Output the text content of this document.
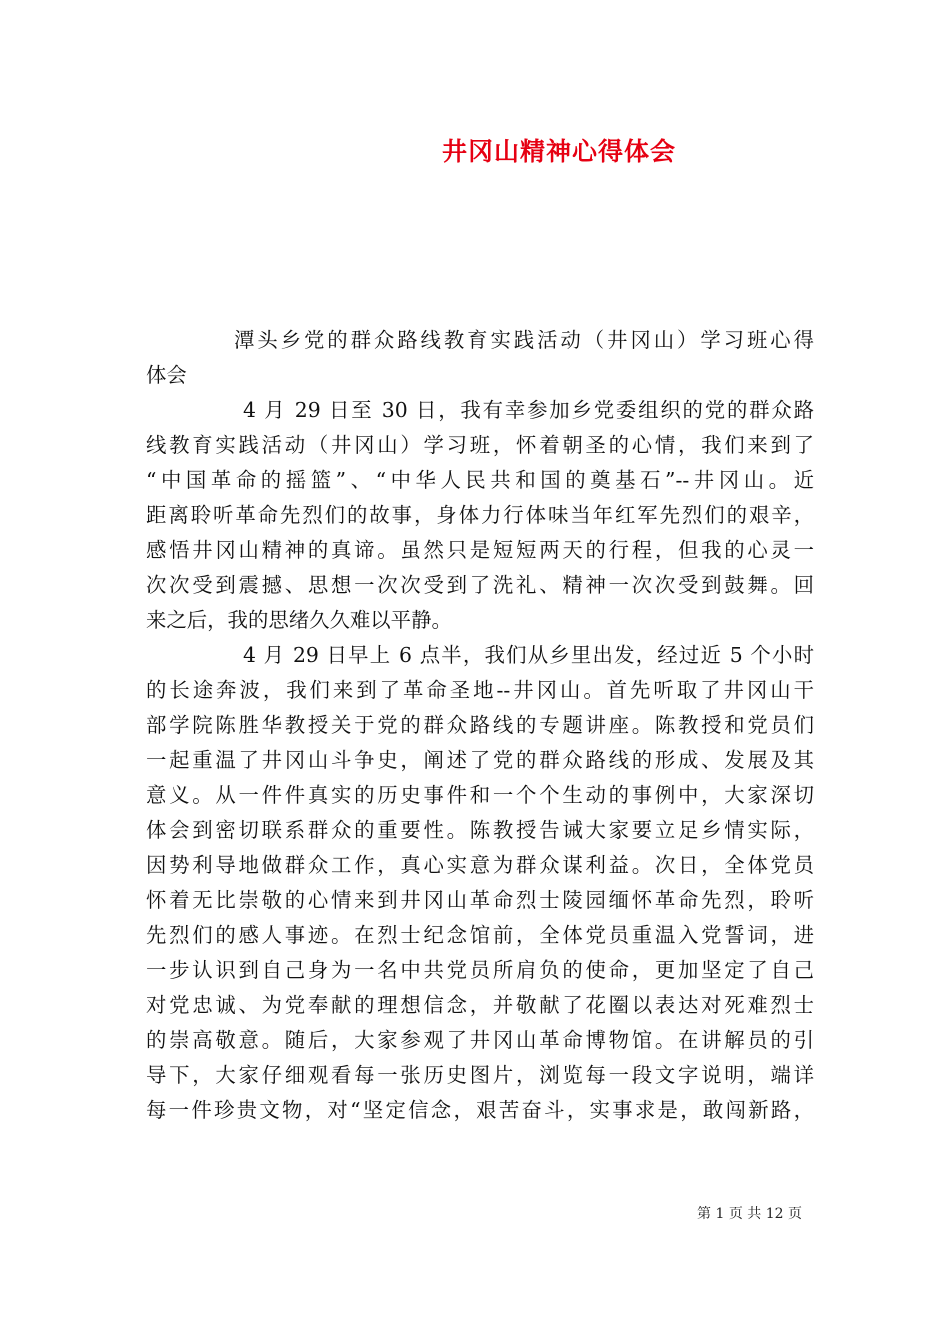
井冈山精神心得体会
潭头乡党的群众路线教育实践活动（井冈山）学习班心得
体会
4 月 29 日至 30 日，我有幸参加乡党委组织的党的群众路
线教育实践活动（井冈山）学习班，怀着朝圣的心情，我们来到了
“中国革命的摇篮”、“中华人民共和国的奠基石”--井冈山。近
距离聆听革命先烈们的故事，身体力行体味当年红军先烈们的艰辛，
感悟井冈山精神的真谛。虽然只是短短两天的行程，但我的心灵一
次次受到震撼、思想一次次受到了洗礼、精神一次次受到鼓舞。回
来之后，我的思绪久久难以平静。
4 月 29 日早上 6 点半，我们从乡里出发，经过近 5 个小时
的长途奔波，我们来到了革命圣地--井冈山。首先听取了井冈山干
部学院陈胜华教授关于党的群众路线的专题讲座。陈教授和党员们
一起重温了井冈山斗争史，阐述了党的群众路线的形成、发展及其
意义。从一件件真实的历史事件和一个个生动的事例中，大家深切
体会到密切联系群众的重要性。陈教授告诫大家要立足乡情实际，
因势利导地做群众工作，真心实意为群众谋利益。次日，全体党员
怀着无比崇敬的心情来到井冈山革命烈士陵园缅怀革命先烈，聆听
先烈们的感人事迹。在烈士纪念馆前，全体党员重温入党誓词，进
一步认识到自己身为一名中共党员所肩负的使命，更加坚定了自己
对党忠诚、为党奉献的理想信念，并敬献了花圈以表达对死难烈士
的崇高敬意。随后，大家参观了井冈山革命博物馆。在讲解员的引
导下，大家仔细观看每一张历史图片，浏览每一段文字说明，端详
每一件珍贵文物，对“坚定信念，艰苦奋斗，实事求是，敢闯新路，
第 1 页 共 12 页
